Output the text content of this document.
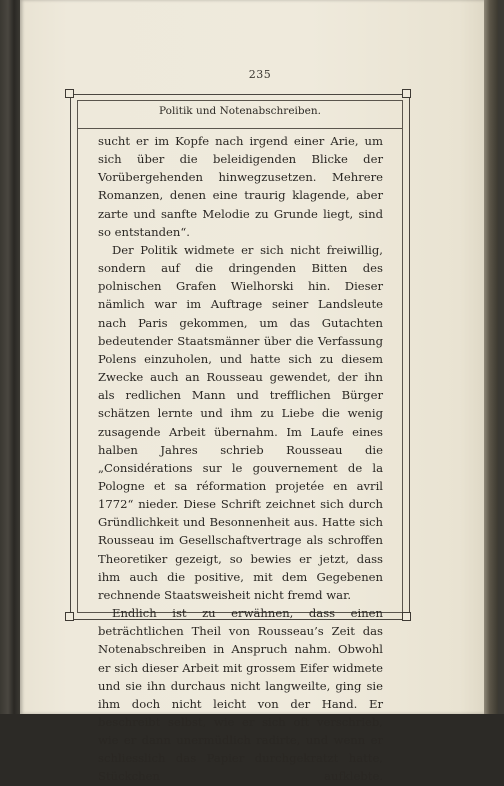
235
Politik und Notenabschreiben.

sucht er im Kopfe nach irgend einer Arie, um sich über die beleidigenden Blicke der Vorübergehenden hinwegzusetzen. Mehrere Romanzen, denen eine traurig klagende, aber zarte und sanfte Melodie zu Grunde liegt, sind so entstanden“.

Der Politik widmete er sich nicht freiwillig, sondern auf die dringenden Bitten des polnischen Grafen Wielhorski hin. Dieser nämlich war im Auftrage seiner Landsleute nach Paris gekommen, um das Gutachten bedeutender Staatsmänner über die Verfassung Polens einzuholen, und hatte sich zu diesem Zwecke auch an Rousseau gewendet, der ihn als redlichen Mann und trefflichen Bürger schätzen lernte und ihm zu Liebe die wenig zusagende Arbeit übernahm. Im Laufe eines halben Jahres schrieb Rousseau die „Considérations sur le gouvernement de la Pologne et sa réformation projetée en avril 1772“ nieder. Diese Schrift zeichnet sich durch Gründlichkeit und Besonnenheit aus. Hatte sich Rousseau im Gesellschaftvertrage als schroffen Theoretiker gezeigt, so bewies er jetzt, dass ihm auch die positive, mit dem Gegebenen rechnende Staatsweisheit nicht fremd war.

Endlich ist zu erwähnen, dass einen beträchtlichen Theil von Rousseau’s Zeit das Notenabschreiben in Anspruch nahm. Obwohl er sich dieser Arbeit mit grossem Eifer widmete und sie ihn durchaus nicht langweilte, ging sie ihm doch nicht leicht von der Hand. Er beschreibt selbst, wie er sich oft verschrieb, wie er dann unermüdlich radirte, und wenn er schliesslich das Papier durchgekratzt hatte, Stückchen aufklebte.
